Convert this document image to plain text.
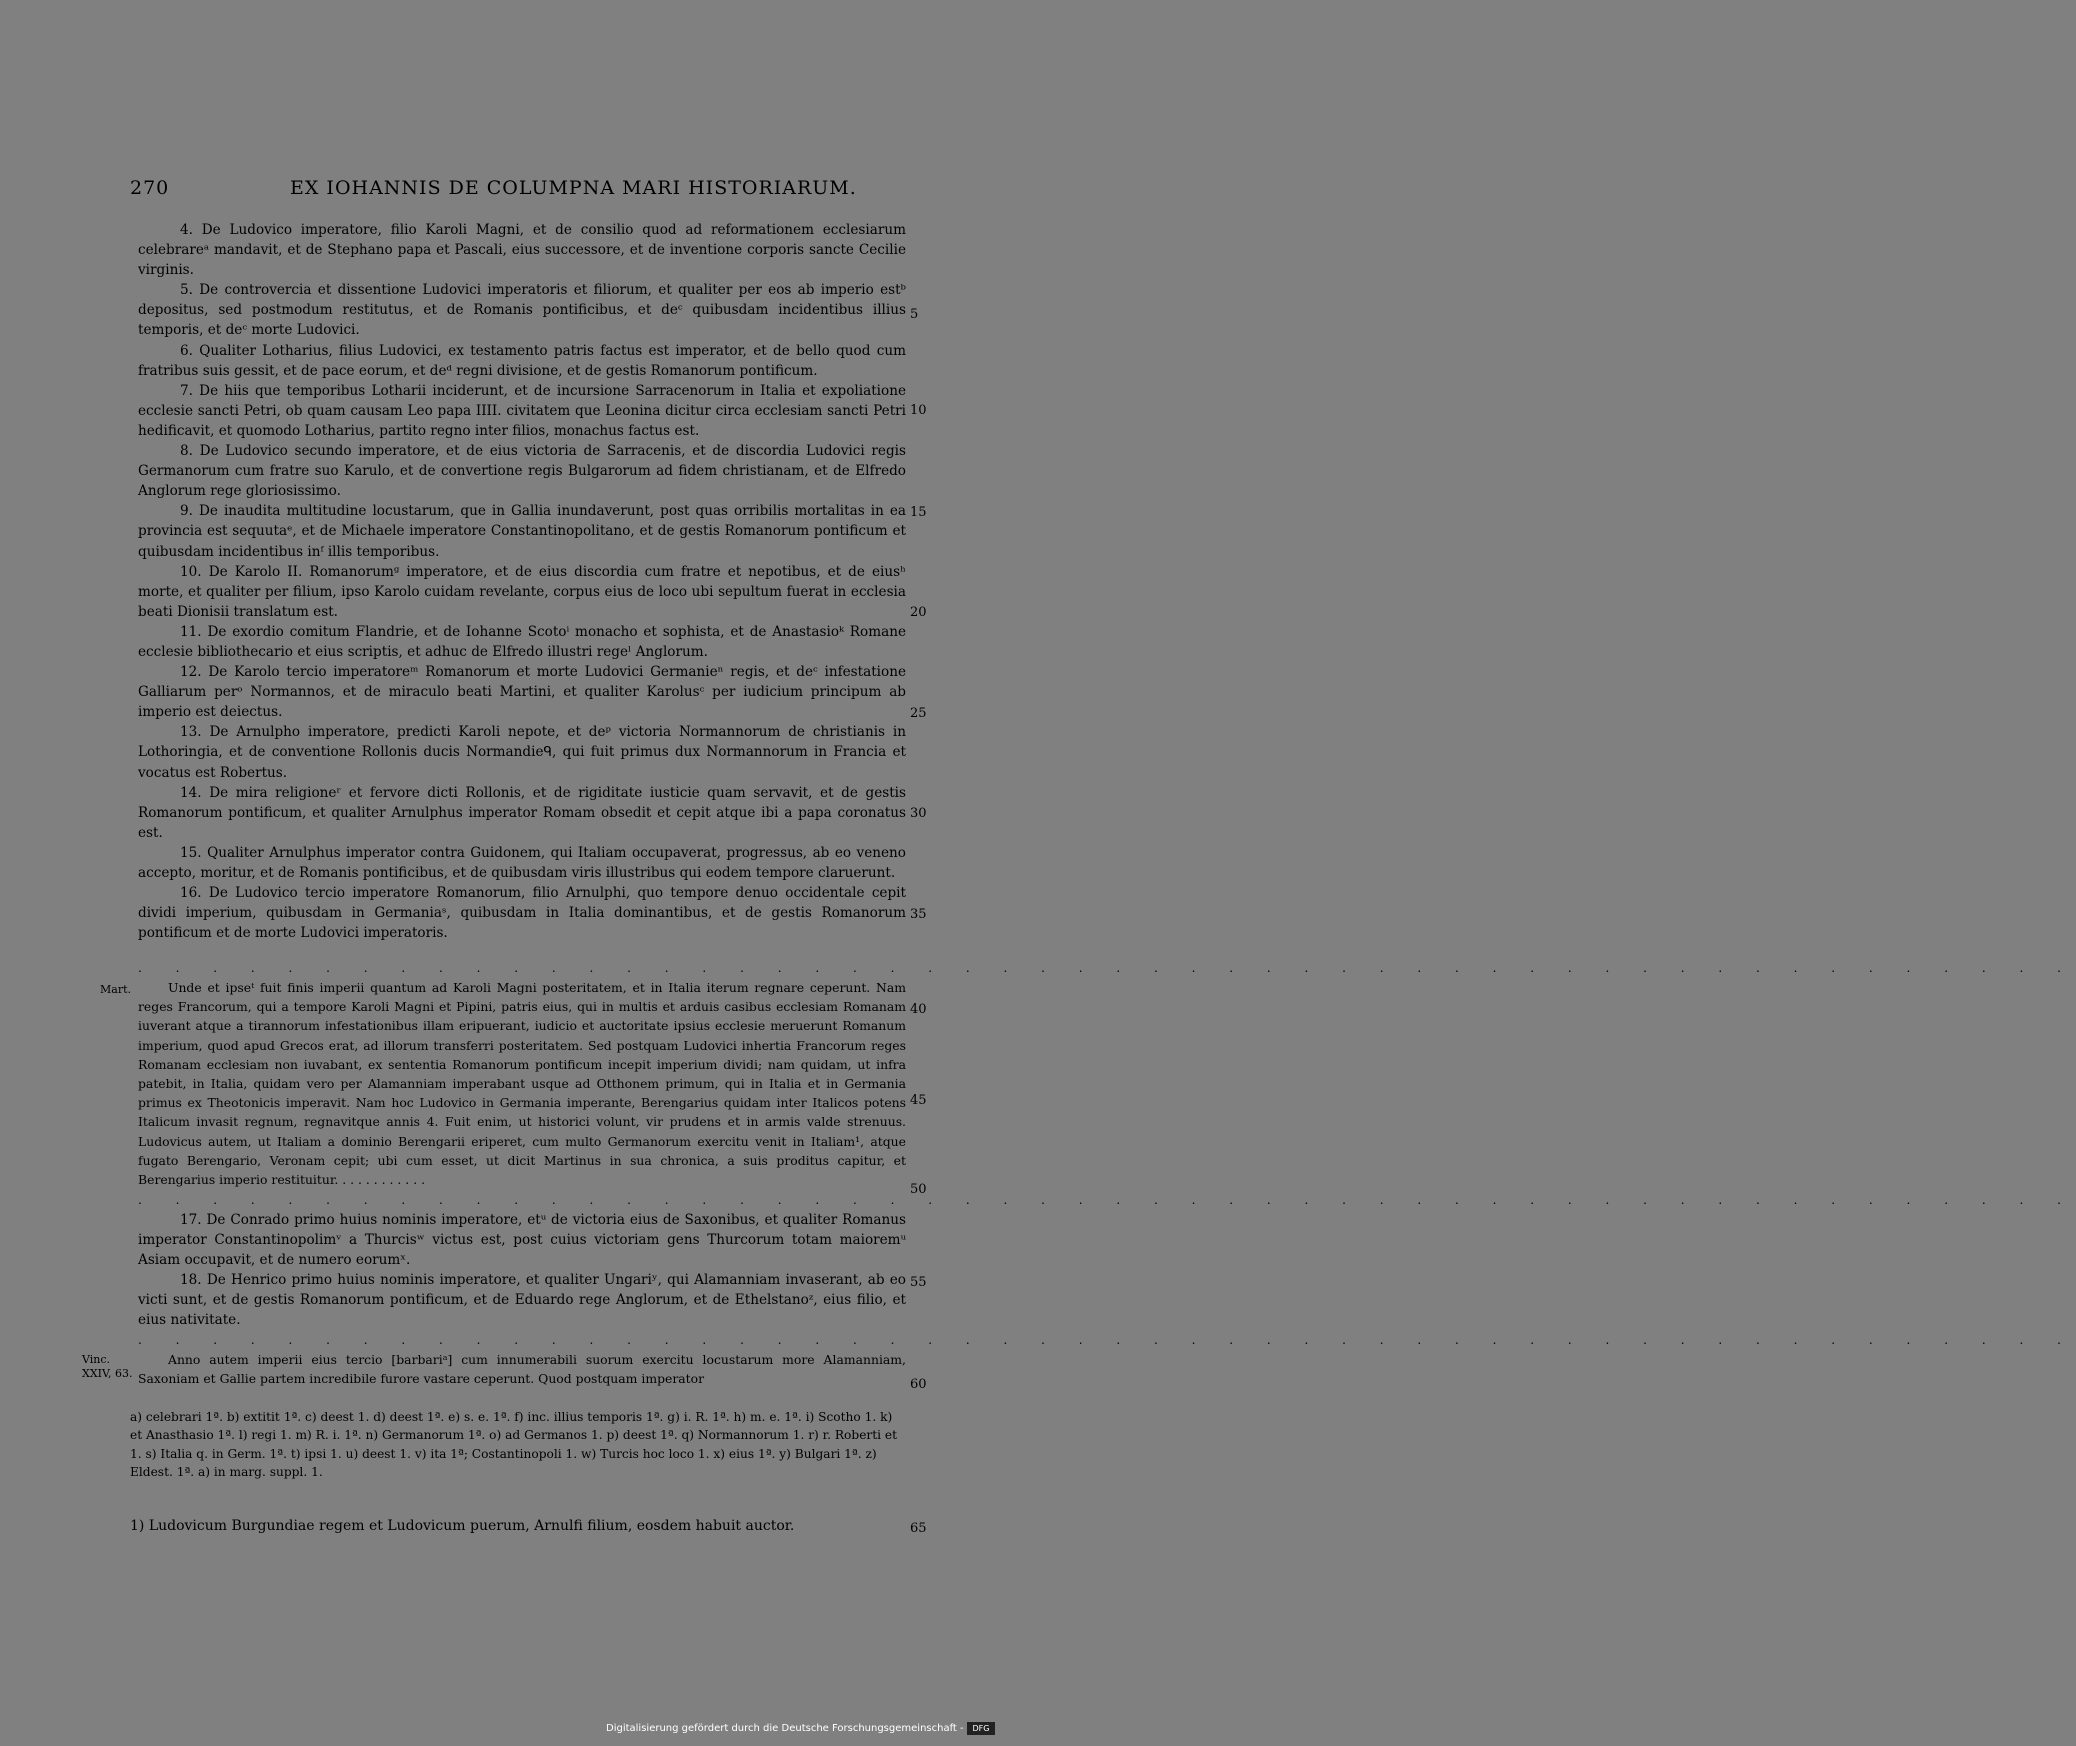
270	EX IOHANNIS DE COLUMPNA MARI HISTORIARUM.

4. De Ludovico imperatore, filio Karoli Magni, et de consilio quod ad reformationem ecclesiarum celebrareᵃ mandavit, et de Stephano papa et Pascali, eius successore, et de inventione corporis sancte Cecilie virginis.

5. De controvercia et dissentione Ludovici imperatoris et filiorum, et qualiter per eos ab imperio estᵇ depositus, sed postmodum restitutus, et de Romanis pontificibus, et deᶜ quibusdam incidentibus illius temporis, et deᶜ morte Ludovici.

6. Qualiter Lotharius, filius Ludovici, ex testamento patris factus est imperator, et de bello quod cum fratribus suis gessit, et de pace eorum, et deᵈ regni divisione, et de gestis Romanorum pontificum.

7. De hiis que temporibus Lotharii inciderunt, et de incursione Sarracenorum in Italia et expoliatione ecclesie sancti Petri, ob quam causam Leo papa IIII. civitatem que Leonina dicitur circa ecclesiam sancti Petri hedificavit, et quomodo Lotharius, partito regno inter filios, monachus factus est.

8. De Ludovico secundo imperatore, et de eius victoria de Sarracenis, et de discordia Ludovici regis Germanorum cum fratre suo Karulo, et de convertione regis Bulgarorum ad fidem christianam, et de Elfredo Anglorum rege gloriosissimo.

9. De inaudita multitudine locustarum, que in Gallia inundaverunt, post quas orribilis mortalitas in ea provincia est sequutaᵉ, et de Michaele imperatore Constantinopolitano, et de gestis Romanorum pontificum et quibusdam incidentibus inᶠ illis temporibus.

10. De Karolo II. Romanorumᵍ imperatore, et de eius discordia cum fratre et nepotibus, et de eiusʰ morte, et qualiter per filium, ipso Karolo cuidam revelante, corpus eius de loco ubi sepultum fuerat in ecclesia beati Dionisii translatum est.

11. De exordio comitum Flandrie, et de Iohanne Scotoⁱ monacho et sophista, et de Anastasioᵏ Romane ecclesie bibliothecario et eius scriptis, et adhuc de Elfredo illustri regeˡ Anglorum.

12. De Karolo tercio imperatoreᵐ Romanorum et morte Ludovici Germanieⁿ regis, et deᶜ infestatione Galliarum perᵒ Normannos, et de miraculo beati Martini, et qualiter Karolusᶜ per iudicium principum ab imperio est deiectus.

13. De Arnulpho imperatore, predicti Karoli nepote, et deᵖ victoria Normannorum de christianis in Lothoringia, et de conventione Rollonis ducis Normandieᑫ, qui fuit primus dux Normannorum in Francia et vocatus est Robertus.

14. De mira religioneʳ et fervore dicti Rollonis, et de rigiditate iusticie quam servavit, et de gestis Romanorum pontificum, et qualiter Arnulphus imperator Romam obsedit et cepit atque ibi a papa coronatus est.

15. Qualiter Arnulphus imperator contra Guidonem, qui Italiam occupaverat, progressus, ab eo veneno accepto, moritur, et de Romanis pontificibus, et de quibusdam viris illustribus qui eodem tempore claruerunt.

16. De Ludovico tercio imperatore Romanorum, filio Arnulphi, quo tempore denuo occidentale cepit dividi imperium, quibusdam in Germaniaˢ, quibusdam in Italia dominantibus, et de gestis Romanorum pontificum et de morte Ludovici imperatoris.

. . . . . . . . . . . . . . . . . . . . . . . . . . . . . . . . . . . . . . . . . . . . . . . . . . . .
Mart.	Unde et ipseᵗ fuit finis imperii quantum ad Karoli Magni posteritatem, et in Italia iterum regnare ceperunt. Nam reges Francorum, qui a tempore Karoli Magni et Pipini, patris eius, qui in multis et arduis casibus ecclesiam Romanam iuverant atque a tirannorum infestationibus illam eripuerant, iudicio et auctoritate ipsius ecclesie meruerunt Romanum imperium, quod apud Grecos erat, ad illorum transferri posteritatem. Sed postquam Ludovici inhertia Francorum reges Romanam ecclesiam non iuvabant, ex sententia Romanorum pontificum incepit imperium dividi; nam quidam, ut infra patebit, in Italia, quidam vero per Alamanniam imperabant usque ad Otthonem primum, qui in Italia et in Germania primus ex Theotonicis imperavit. Nam hoc Ludovico in Germania imperante, Berengarius quidam inter Italicos potens Italicum invasit regnum, regnavitque annis 4. Fuit enim, ut historici volunt, vir prudens et in armis valde strenuus. Ludovicus autem, ut Italiam a dominio Berengarii eriperet, cum multo Germanorum exercitu venit in Italiam¹, atque fugato Berengario, Veronam cepit; ubi cum esset, ut dicit Martinus in sua chronica, a suis proditus capitur, et Berengarius imperio restituitur. . . . . . . . . . . .

. . . . . . . . . . . . . . . . . . . . . . . . . . . . . . . . . . . . . . . . . . . . . . . . . . . .

17. De Conrado primo huius nominis imperatore, etᵘ de victoria eius de Saxonibus, et qualiter Romanus imperator Constantinopolimᵛ a Thurcisʷ victus est, post cuius victoriam gens Thurcorum totam maioremᵘ Asiam occupavit, et de numero eorumˣ.

18. De Henrico primo huius nominis imperatore, et qualiter Ungariʸ, qui Alamanniam invaserant, ab eo victi sunt, et de gestis Romanorum pontificum, et de Eduardo rege Anglorum, et de Ethelstanoᶻ, eius filio, et eius nativitate.

. . . . . . . . . . . . . . . . . . . . . . . . . . . . . . . . . . . . . . . . . . . . . . . . . . . .
Vinc.
XXIV, 63.

Anno autem imperii eius tercio [barbariᵃ] cum innumerabili suorum exercitu locustarum more Alamanniam, Saxoniam et Gallie partem incredibile furore vastare ceperunt. Quod postquam imperator

a) celebrari 1ª. b) extitit 1ª. c) deest 1. d) deest 1ª. e) s. e. 1ª. f) inc. illius temporis 1ª. g) i. R. 1ª. h) m. e. 1ª. i) Scotho 1. k) et Anasthasio 1ª. l) regi 1. m) R. i. 1ª. n) Germanorum 1ª. o) ad Germanos 1. p) deest 1ª. q) Normannorum 1. r) r. Roberti et 1. s) Italia q. in Germ. 1ª. t) ipsi 1. u) deest 1. v) ita 1ª; Costantinopoli 1. w) Turcis hoc loco 1. x) eius 1ª. y) Bulgari 1ª. z) Eldest. 1ª. a) in marg. suppl. 1.
1) Ludovicum Burgundiae regem et Ludovicum puerum, Arnulfi filium, eosdem habuit auctor.
5
10
15
20
25
30
35
40
45
50
55
60
65
Digitalisierung gefördert durch die Deutsche Forschungsgemeinschaft -	DFG
